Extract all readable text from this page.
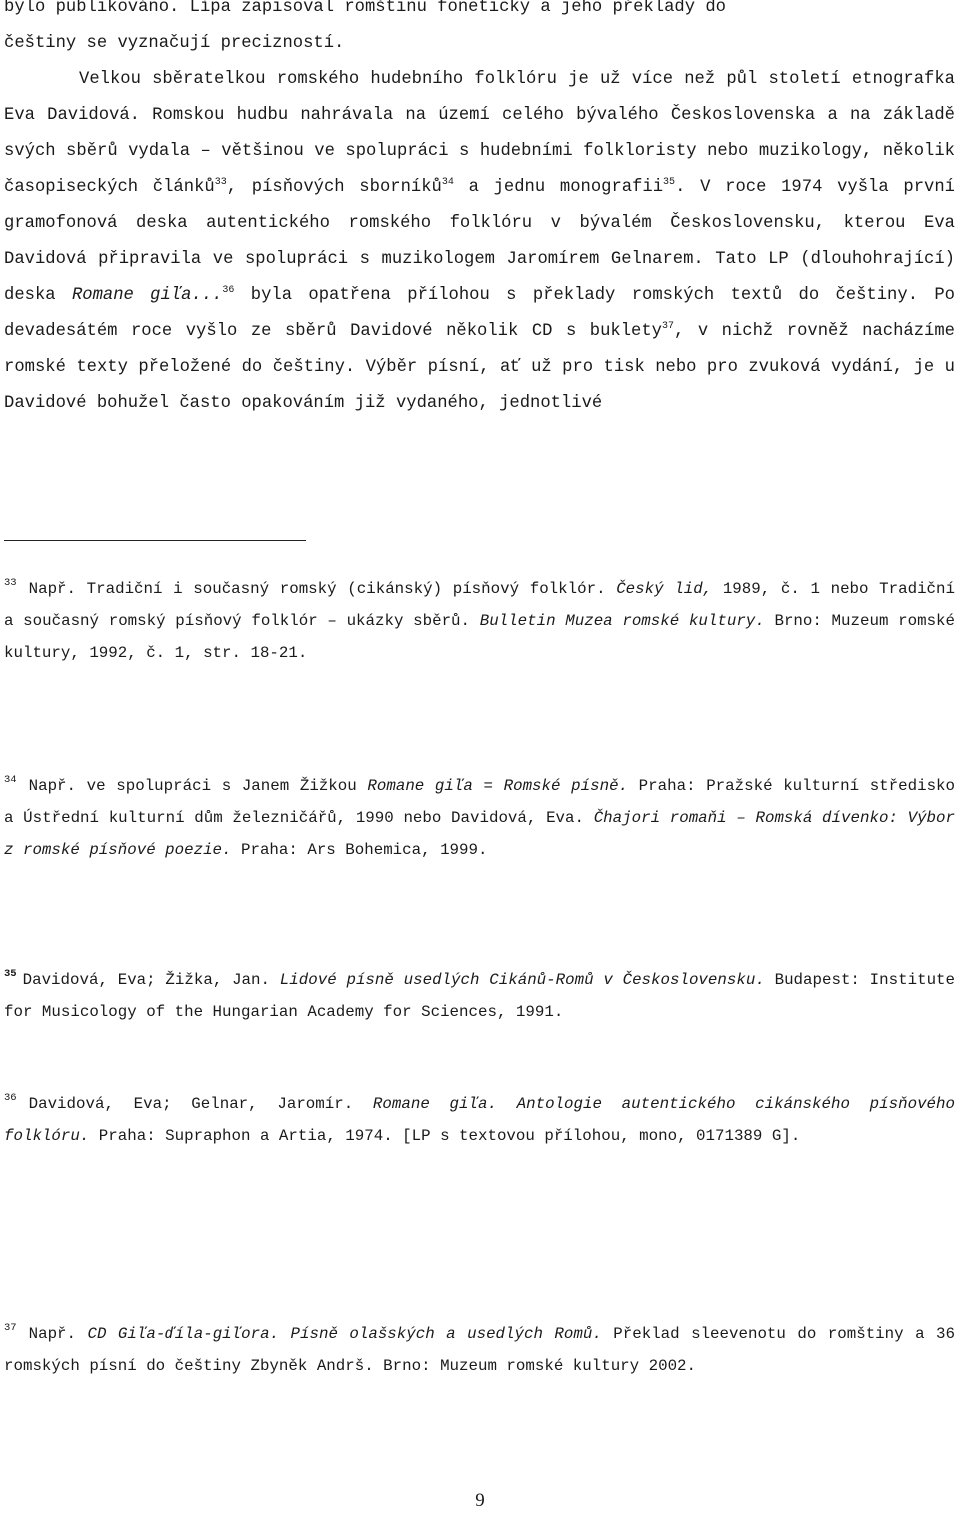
bylo publikováno. Lípa zapisoval romštinu foneticky a jeho překlady do
češtiny se vyznačují precizností.

Velkou sběratelkou romského hudebního folklóru je už více než půl století etnografka Eva Davidová. Romskou hudbu nahrávala na území celého bývalého Československa a na základě svých sběrů vydala – většinou ve spolupráci s hudebními folkloristy nebo muzikology, několik časopiseckých článků$^{33}$, písňových sborníků$^{34}$ a jednu monografii$^{35}$. V roce 1974 vyšla první gramofonová deska autentického romského folklóru v bývalém Československu, kterou Eva Davidová připravila ve spolupráci s muzikologem Jaromírem Gelnarem. Tato LP (dlouhohrající) deska Romane giľa...$^{36}$ byla opatřena přílohou s překlady romských textů do češtiny. Po devadesátém roce vyšlo ze sběrů Davidové několik CD s buklety$^{37}$, v nichž rovněž nacházíme romské texty přeložené do češtiny. Výběr písní, ať už pro tisk nebo pro zvuková vydání, je u Davidové bohužel často opakováním již vydaného, jednotlivé

$^{33}$ Např. Tradiční i současný romský (cikánský) písňový folklór. Český lid, 1989, č. 1 nebo Tradiční a současný romský písňový folklór – ukázky sběrů. Bulletin Muzea romské kultury. Brno: Muzeum romské kultury, 1992, č. 1, str. 18-21.

$^{34}$ Např. ve spolupráci s Janem Žižkou Romane giľa = Romské písně. Praha: Pražské kulturní středisko a Ústřední kulturní dům železničářů, 1990 nebo Davidová, Eva. Čhajori romaňi – Romská dívenko: Výbor z romské písňové poezie. Praha: Ars Bohemica, 1999.

$^{35}$ Davidová, Eva; Žižka, Jan. Lidové písně usedlých Cikánů-Romů v Československu. Budapest: Institute for Musicology of the Hungarian Academy for Sciences, 1991.

$^{36}$ Davidová, Eva; Gelnar, Jaromír. Romane giľa. Antologie autentického cikánského písňového folklóru. Praha: Supraphon a Artia, 1974. [LP s textovou přílohou, mono, 0171389 G].

$^{37}$ Např. CD Giľa-ďíla-giľora. Písně olašských a usedlých Romů. Překlad sleevenotu do romštiny a 36 romských písní do češtiny Zbyněk Andrš. Brno: Muzeum romské kultury 2002.

9
